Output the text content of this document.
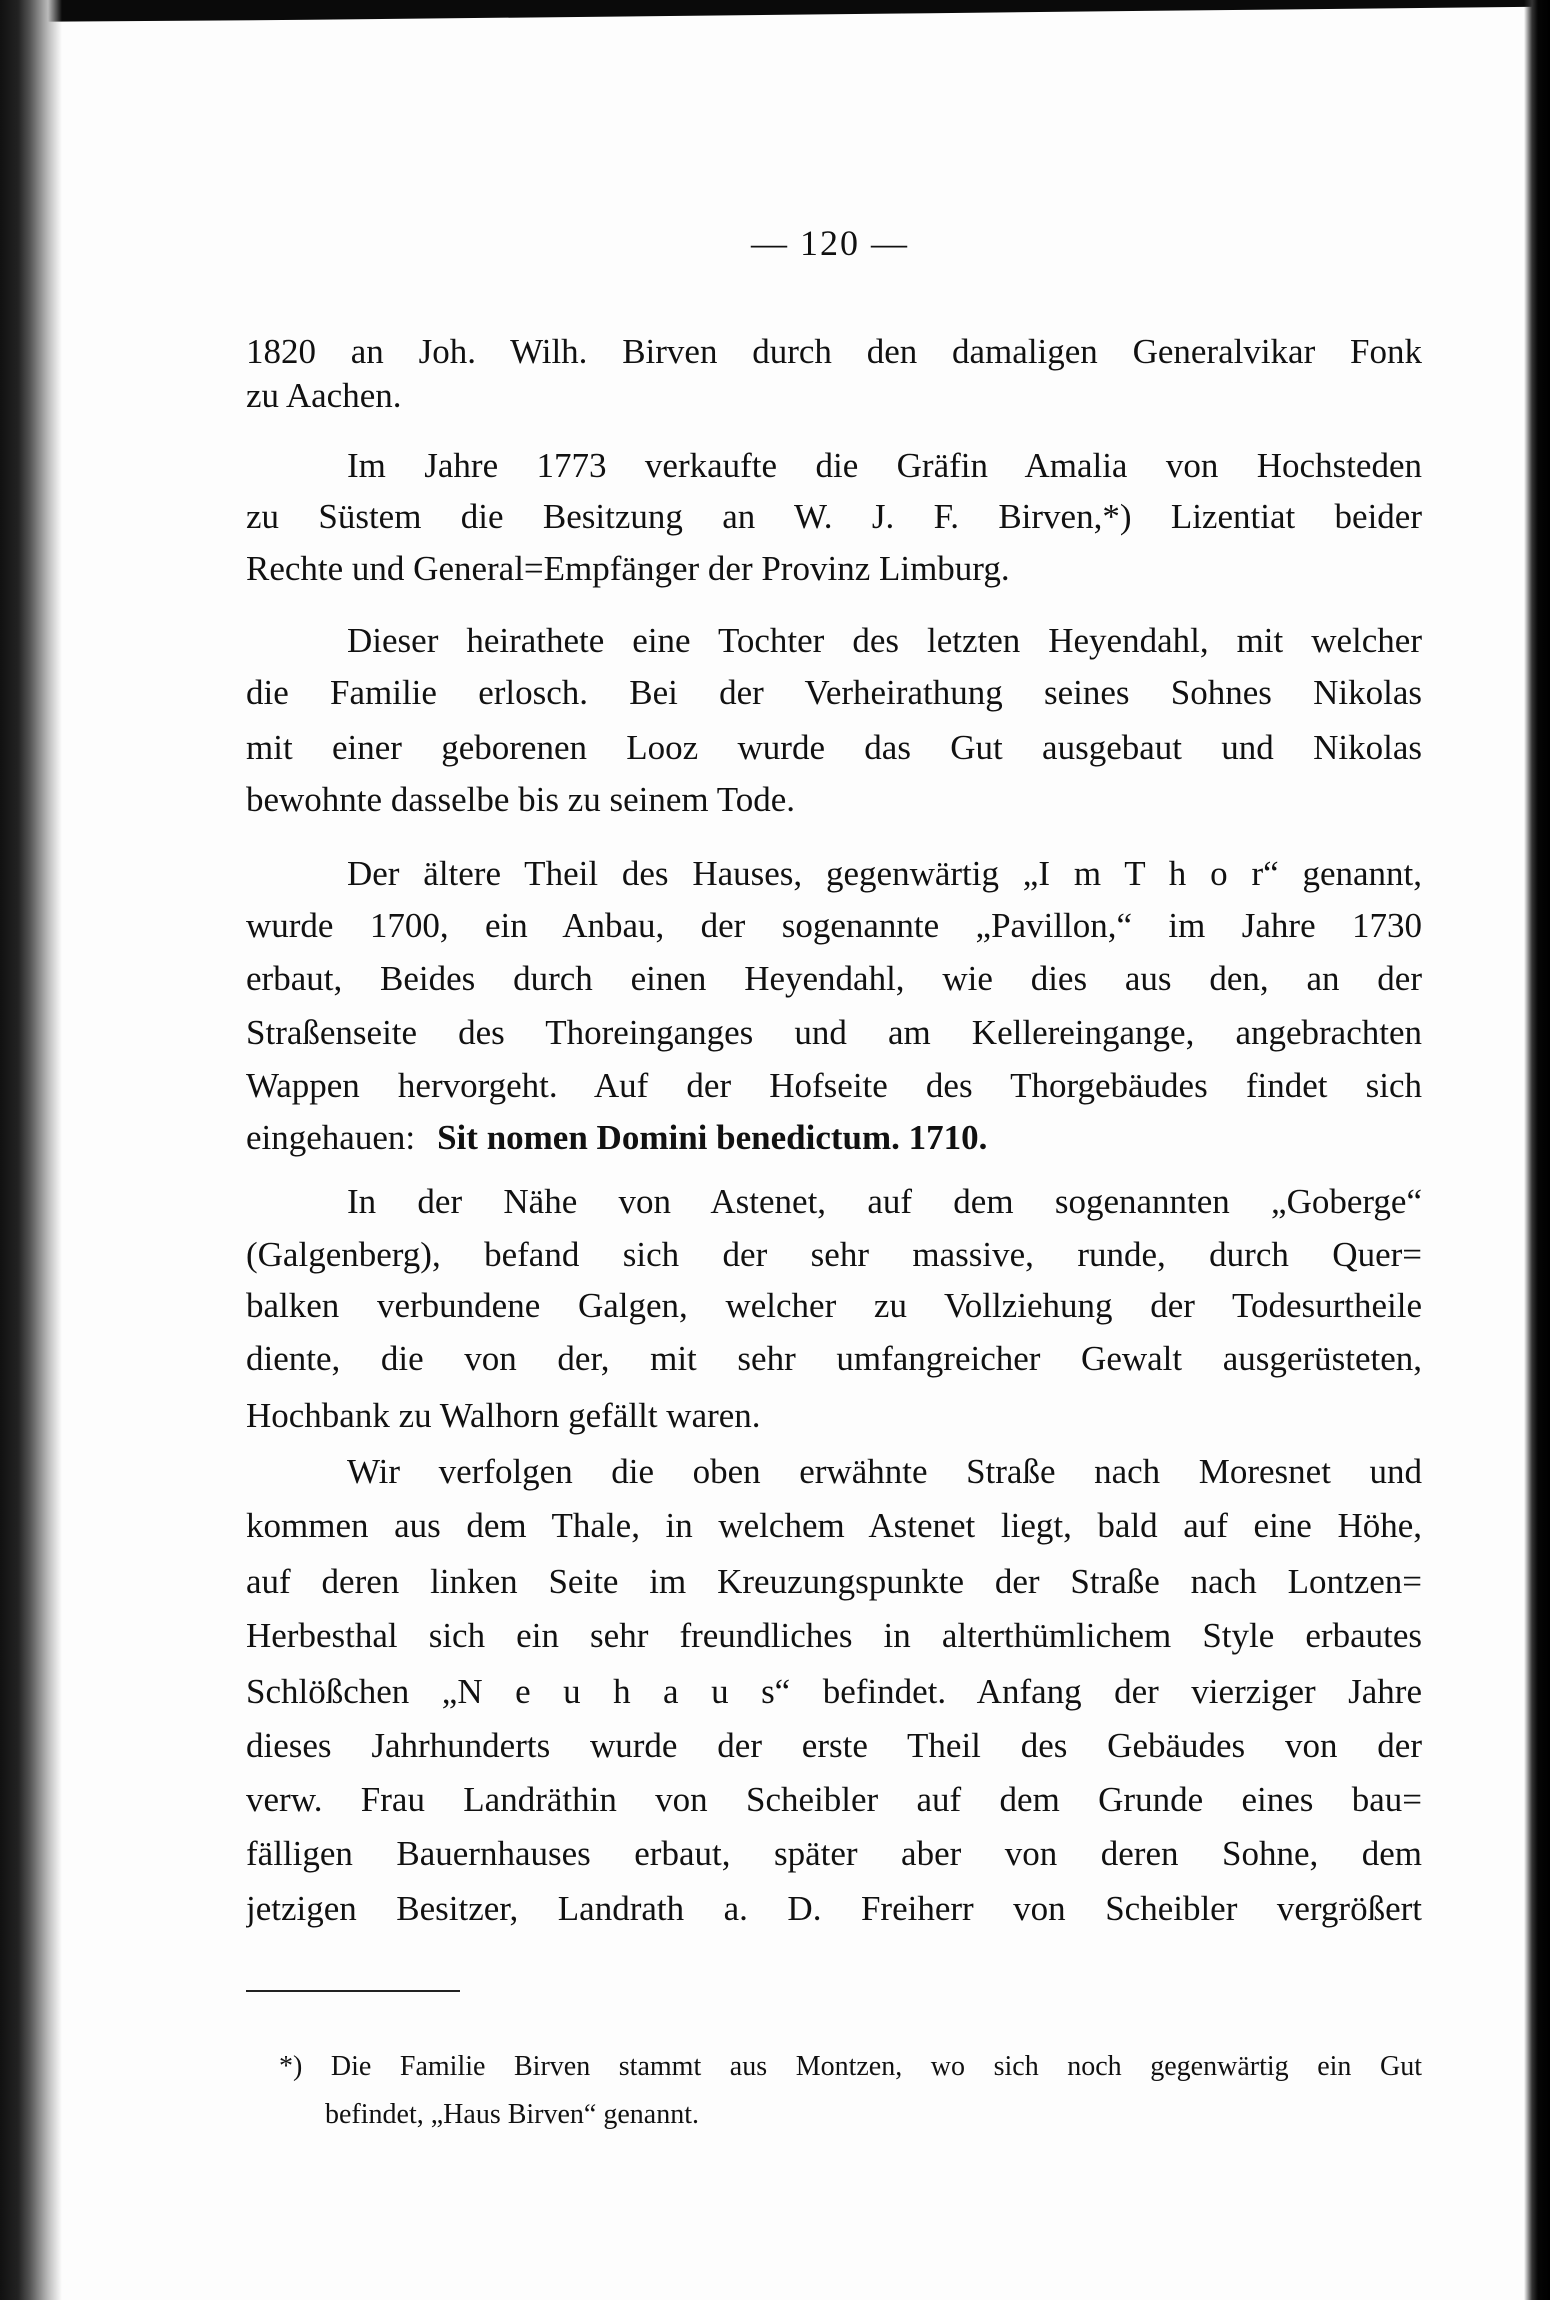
— 120 —
1820 an Joh. Wilh. Birven durch den damaligen Generalvikar Fonk
zu Aachen.
Im Jahre 1773 verkaufte die Gräfin Amalia von Hochsteden
zu Süstem die Besitzung an W. J. F. Birven,*) Lizentiat beider
Rechte und General=Empfänger der Provinz Limburg.
Dieser heirathete eine Tochter des letzten Heyendahl, mit welcher
die Familie erlosch. Bei der Verheirathung seines Sohnes Nikolas
mit einer geborenen Looz wurde das Gut ausgebaut und Nikolas
bewohnte dasselbe bis zu seinem Tode.
Der ältere Theil des Hauses, gegenwärtig „I m T h o r“ genannt,
wurde 1700, ein Anbau, der sogenannte „Pavillon,“ im Jahre 1730
erbaut, Beides durch einen Heyendahl, wie dies aus den, an der
Straßenseite des Thoreinganges und am Kellereingange, angebrachten
Wappen hervorgeht. Auf der Hofseite des Thorgebäudes findet sich
eingehauen: Sit nomen Domini benedictum. 1710.
In der Nähe von Astenet, auf dem sogenannten „Goberge“
(Galgenberg), befand sich der sehr massive, runde, durch Quer=
balken verbundene Galgen, welcher zu Vollziehung der Todesurtheile
diente, die von der, mit sehr umfangreicher Gewalt ausgerüsteten,
Hochbank zu Walhorn gefällt waren.
Wir verfolgen die oben erwähnte Straße nach Moresnet und
kommen aus dem Thale, in welchem Astenet liegt, bald auf eine Höhe,
auf deren linken Seite im Kreuzungspunkte der Straße nach Lontzen=
Herbesthal sich ein sehr freundliches in alterthümlichem Style erbautes
Schlößchen „N e u h a u s“ befindet. Anfang der vierziger Jahre
dieses Jahrhunderts wurde der erste Theil des Gebäudes von der
verw. Frau Landräthin von Scheibler auf dem Grunde eines bau=
fälligen Bauernhauses erbaut, später aber von deren Sohne, dem
jetzigen Besitzer, Landrath a. D. Freiherr von Scheibler vergrößert
*) Die Familie Birven stammt aus Montzen, wo sich noch gegenwärtig ein Gut
befindet, „Haus Birven“ genannt.
